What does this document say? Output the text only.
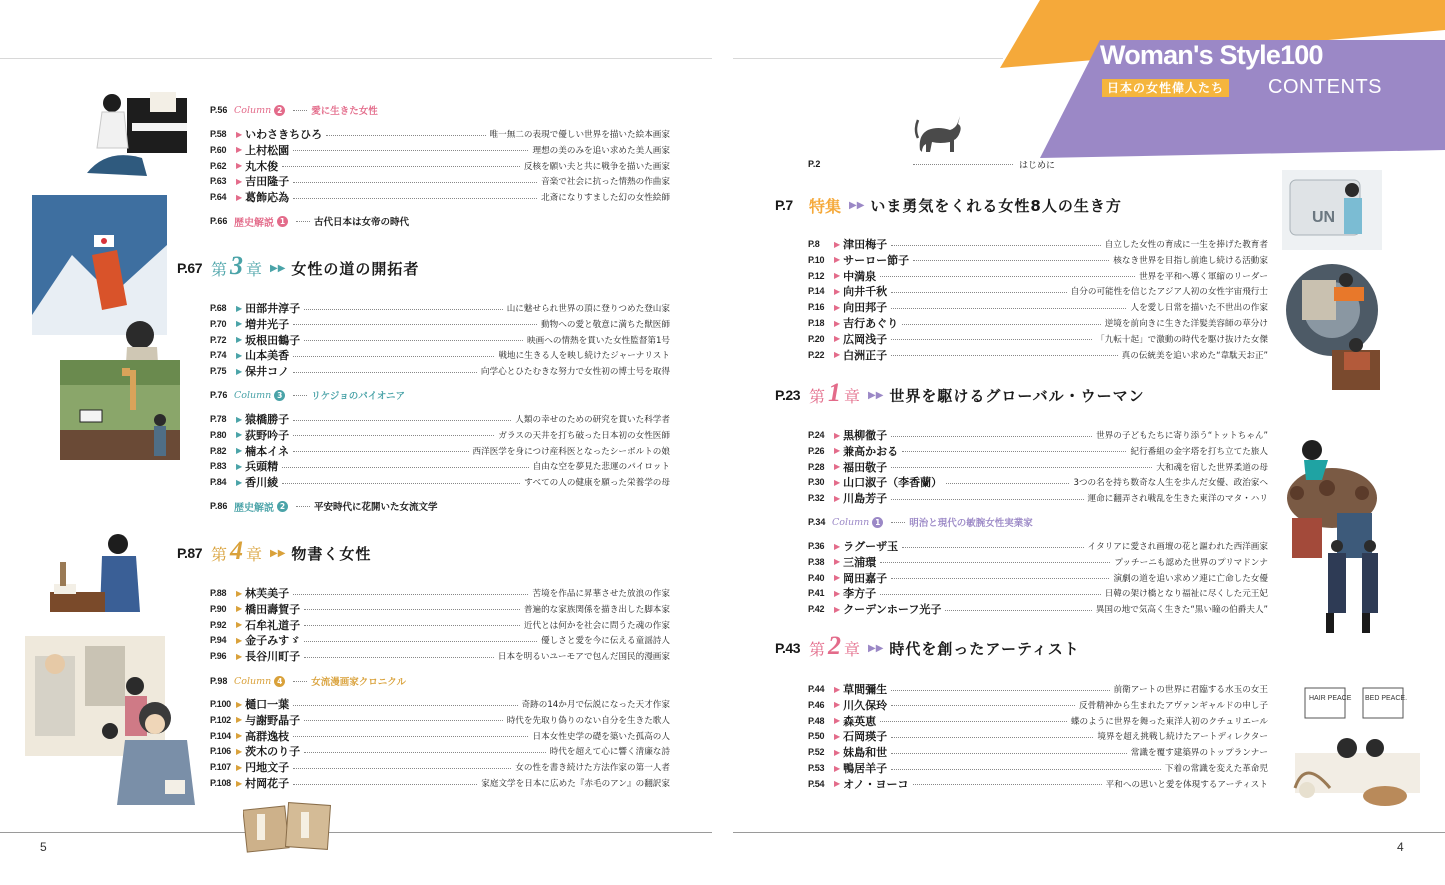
5	4
Woman's Style100
日本の女性偉人たち CONTENTS
P.2	はじめに
P.7	特集 ▶▶ いま勇気をくれる女性8人の生き方
P.8	▶ 津田梅子	自立した女性の育成に一生を捧げた教育者
P.10	▶ サーロー節子	核なき世界を目指し前進し続ける活動家
P.12	▶ 中満泉	世界を平和へ導く軍縮のリーダー
P.14	▶ 向井千秋	自分の可能性を信じたアジア人初の女性宇宙飛行士
P.16	▶ 向田邦子	人を愛し日常を描いた不世出の作家
P.18	▶ 吉行あぐり	逆境を前向きに生きた洋髪美容師の草分け
P.20	▶ 広岡浅子	「九転十起」で激動の時代を駆け抜けた女傑
P.22	▶ 白洲正子	真の伝統美を追い求めた“韋駄天お正”
P.23 第 1 章 ▶▶ 世界を駆けるグローバル・ウーマン
P.24	▶ 黒柳徹子	世界の子どもたちに寄り添う“トットちゃん”
P.26	▶ 兼高かおる	紀行番組の金字塔を打ち立てた旅人
P.28	▶ 福田敬子	大和魂を宿した世界柔道の母
P.30	▶ 山口淑子（李香蘭）	3つの名を持ち数奇な人生を歩んだ女優、政治家へ
P.32	▶ 川島芳子	運命に翻弄され戦乱を生きた東洋のマタ・ハリ
P.34 Column 1	明治と現代の敏腕女性実業家
P.36	▶ ラグーザ玉	イタリアに愛され画壇の花と謳われた西洋画家
P.38	▶ 三浦環	プッチーニも認めた世界のプリマドンナ
P.40	▶ 岡田嘉子	演劇の道を追い求めソ連に亡命した女優
P.41	▶ 李方子	日韓の架け橋となり福祉に尽くした元王妃
P.42	▶ クーデンホーフ光子	異国の地で気高く生きた“黒い瞳の伯爵夫人”
P.43 第 2 章 ▶▶ 時代を創ったアーティスト
P.44	▶ 草間彌生	前衛アートの世界に君臨する水玉の女王
P.46	▶ 川久保玲	反骨精神から生まれたアヴァンギャルドの申し子
P.48	▶ 森英恵	蝶のように世界を舞った東洋人初のクチュリエール
P.50	▶ 石岡瑛子	境界を超え挑戦し続けたアートディレクター
P.52	▶ 妹島和世	常識を覆す建築界のトップランナー
P.53	▶ 鴨居羊子	下着の常識を変えた革命児
P.54	▶ オノ・ヨーコ	平和への思いと愛を体現するアーティスト
UN
HAIR PEACE BED PEACE.
P.56 Column 2	愛に生きた女性
P.58	▶ いわさきちひろ	唯一無二の表現で優しい世界を描いた絵本画家
P.60	▶ 上村松園	理想の美のみを追い求めた美人画家
P.62	▶ 丸木俊	反核を願い夫と共に戦争を描いた画家
P.63	▶ 吉田隆子	音楽で社会に抗った情熱の作曲家
P.64	▶ 葛飾応為	北斎になりすました幻の女性絵師
P.66 歴史解説 1	古代日本は女帝の時代
P.67 第 3 章 ▶▶ 女性の道の開拓者
P.68	▶ 田部井淳子	山に魅せられ世界の頂に登りつめた登山家
P.70	▶ 増井光子	動物への愛と敬意に満ちた獣医師
P.72	▶ 坂根田鶴子	映画への情熱を貫いた女性監督第1号
P.74	▶ 山本美香	戦地に生きる人を映し続けたジャーナリスト
P.75	▶ 保井コノ	向学心とひたむきな努力で女性初の博士号を取得
P.76 Column 3	リケジョのパイオニア
P.78	▶ 猿橋勝子	人類の幸せのための研究を貫いた科学者
P.80	▶ 荻野吟子	ガラスの天井を打ち破った日本初の女性医師
P.82	▶ 楠本イネ	西洋医学を身につけ産科医となったシーボルトの娘
P.83	▶ 兵頭精	自由な空を夢見た悲運のパイロット
P.84	▶ 香川綾	すべての人の健康を願った栄養学の母
P.86 歴史解説 2	平安時代に花開いた女流文学
P.87 第 4 章 ▶▶ 物書く女性
P.88	▶ 林芙美子	苦境を作品に昇華させた放浪の作家
P.90	▶ 橋田壽賀子	普遍的な家族関係を描き出した脚本家
P.92	▶ 石牟礼道子	近代とは何かを社会に問うた魂の作家
P.94	▶ 金子みすゞ	優しさと愛を今に伝える童謡詩人
P.96	▶ 長谷川町子	日本を明るいユーモアで包んだ国民的漫画家
P.98 Column 4	女流漫画家クロニクル
P.100 ▶ 樋口一葉	奇跡の14か月で伝説になった天才作家
P.102 ▶ 与謝野晶子	時代を先取り偽りのない自分を生きた歌人
P.104 ▶ 高群逸枝	日本女性史学の礎を築いた孤高の人
P.106 ▶ 茨木のり子	時代を超えて心に響く清廉な詩
P.107 ▶ 円地文子	女の性を書き続けた方法作家の第一人者
P.108 ▶ 村岡花子	家庭文学を日本に広めた『赤毛のアン』の翻訳家
